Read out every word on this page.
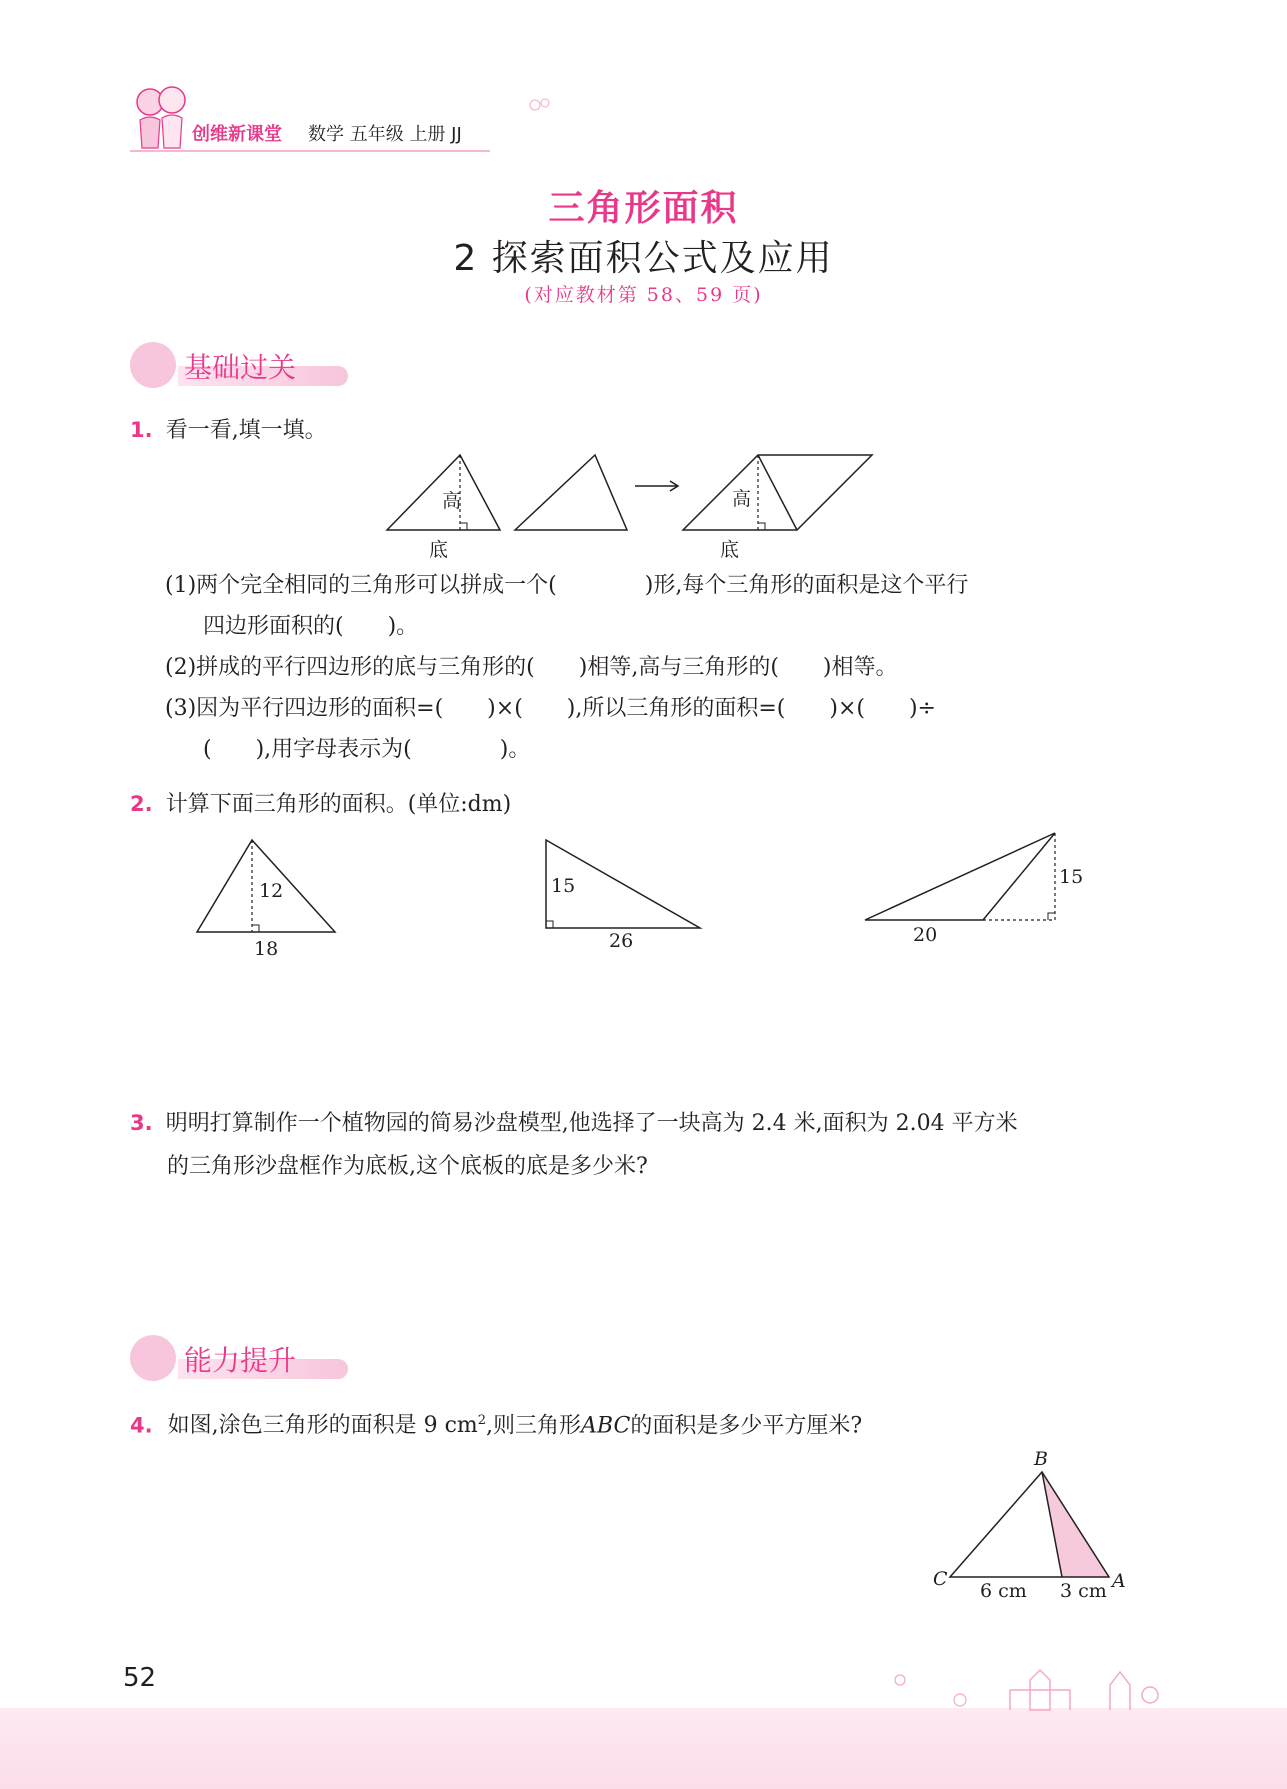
创维新课堂 数学 五年级 上册 JJ
三角形面积
2 探索面积公式及应用
(对应教材第 58、59 页)
基础过关
1. 看一看,填一填。
高
底
高
底
(1)两个完全相同的三角形可以拼成一个(　　　　)形,每个三角形的面积是这个平行
四边形面积的(　　)。
(2)拼成的平行四边形的底与三角形的(　　)相等,高与三角形的(　　)相等。
(3)因为平行四边形的面积=(　　)×(　　),所以三角形的面积=(　　)×(　　)÷
(　　),用字母表示为(　　　　)。
2. 计算下面三角形的面积。(单位:dm)
12
18
15
26
15
20
3. 明明打算制作一个植物园的简易沙盘模型,他选择了一块高为 2.4 米,面积为 2.04 平方米
的三角形沙盘框作为底板,这个底板的底是多少米?
能力提升
4. 如图,涂色三角形的面积是 9 $cm^2$,则三角形ABC的面积是多少平方厘米?
B
C	A
6 cm 3 cm
52
